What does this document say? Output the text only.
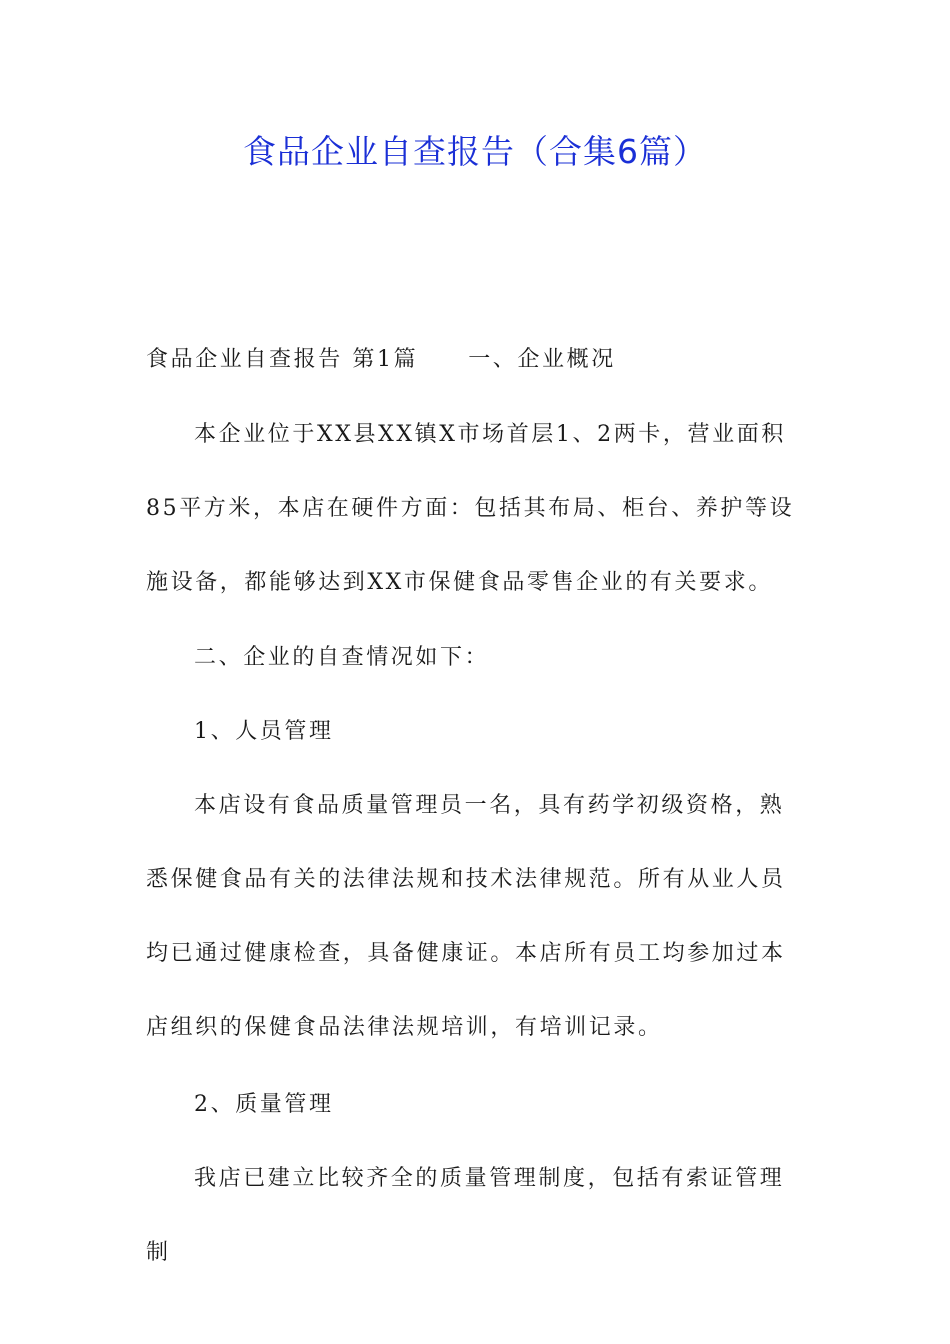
食品企业自查报告（合集6篇）

食品企业自查报告 第1篇 一、企业概况

本企业位于XX县XX镇X市场首层1、2两卡，营业面积85平方米，本店在硬件方面：包括其布局、柜台、养护等设施设备，都能够达到XX市保健食品零售企业的有关要求。

二、企业的自查情况如下：

1、人员管理

本店设有食品质量管理员一名，具有药学初级资格，熟悉保健食品有关的法律法规和技术法律规范。所有从业人员均已通过健康检查，具备健康证。本店所有员工均参加过本店组织的保健食品法律法规培训，有培训记录。

2、质量管理

我店已建立比较齐全的质量管理制度，包括有索证管理制
